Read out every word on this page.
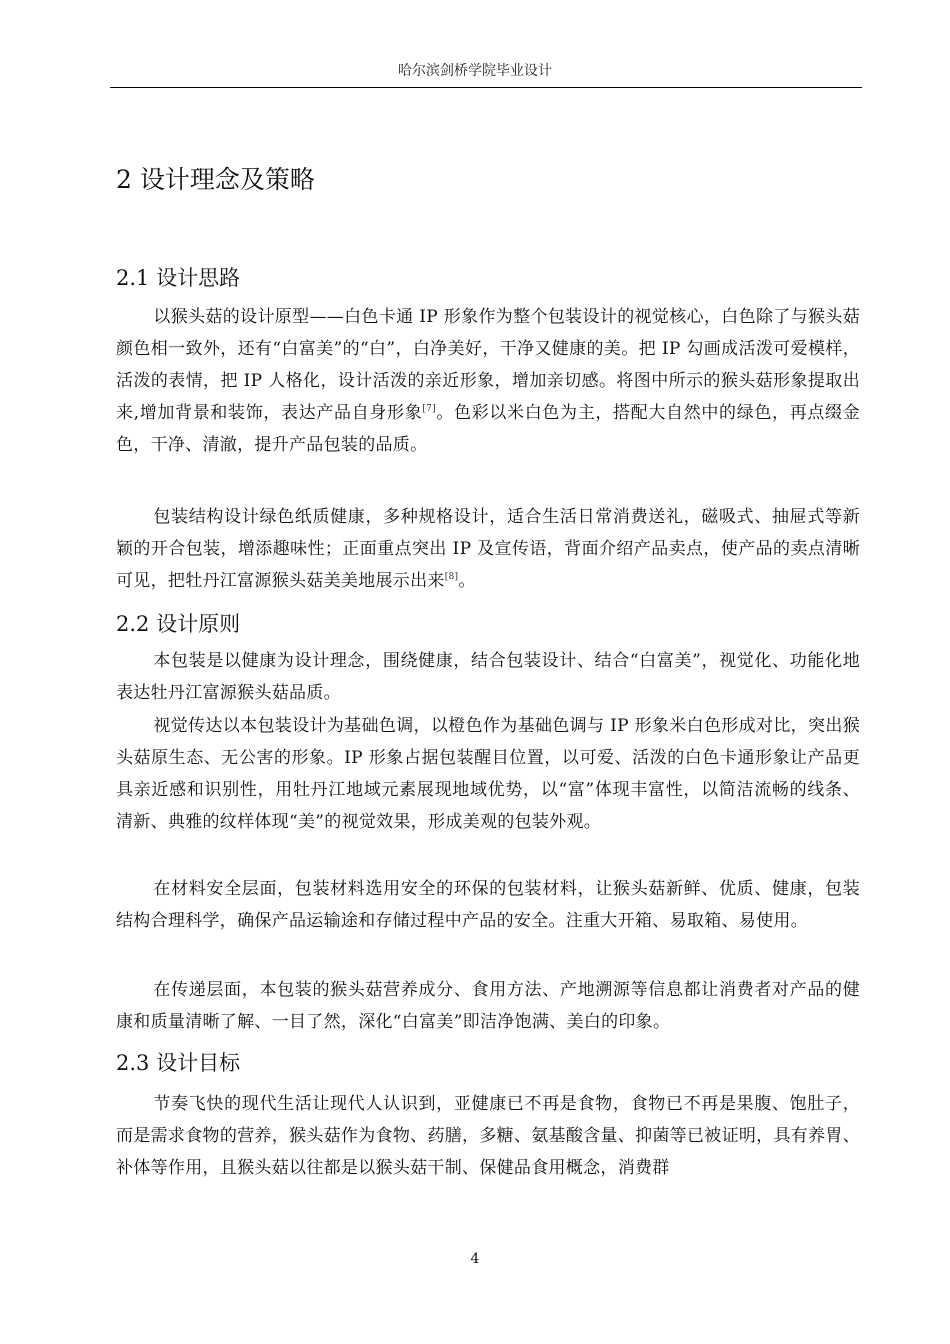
哈尔滨剑桥学院毕业设计
2 设计理念及策略
2.1 设计思路

以猴头菇的设计原型——白色卡通 IP 形象作为整个包装设计的视觉核心，白色除了与猴头菇颜色相一致外，还有“白富美”的“白”，白净美好，干净又健康的美。把 IP 勾画成活泼可爱模样，活泼的表情，把 IP 人格化，设计活泼的亲近形象，增加亲切感。将图中所示的猴头菇形象提取出来,增加背景和装饰，表达产品自身形象[7]。色彩以米白色为主，搭配大自然中的绿色，再点缀金色，干净、清澈，提升产品包装的品质。

包装结构设计绿色纸质健康，多种规格设计，适合生活日常消费送礼，磁吸式、抽屉式等新颖的开合包装，增添趣味性；正面重点突出 IP 及宣传语，背面介绍产品卖点，使产品的卖点清晰可见，把牡丹江富源猴头菇美美地展示出来[8]。

2.2 设计原则

本包装是以健康为设计理念，围绕健康，结合包装设计、结合“白富美”，视觉化、功能化地表达牡丹江富源猴头菇品质。

视觉传达以本包装设计为基础色调，以橙色作为基础色调与 IP 形象米白色形成对比，突出猴头菇原生态、无公害的形象。IP 形象占据包装醒目位置，以可爱、活泼的白色卡通形象让产品更具亲近感和识别性，用牡丹江地域元素展现地域优势，以“富”体现丰富性，以简洁流畅的线条、清新、典雅的纹样体现“美”的视觉效果，形成美观的包装外观。

在材料安全层面，包装材料选用安全的环保的包装材料，让猴头菇新鲜、优质、健康，包装结构合理科学，确保产品运输途和存储过程中产品的安全。注重大开箱、易取箱、易使用。

在传递层面，本包装的猴头菇营养成分、食用方法、产地溯源等信息都让消费者对产品的健康和质量清晰了解、一目了然，深化“白富美”即洁净饱满、美白的印象。

2.3 设计目标

节奏飞快的现代生活让现代人认识到，亚健康已不再是食物，食物已不再是果腹、饱肚子，而是需求食物的营养，猴头菇作为食物、药膳，多糖、氨基酸含量、抑菌等已被证明，具有养胃、补体等作用，且猴头菇以往都是以猴头菇干制、保健品食用概念，消费群

4
